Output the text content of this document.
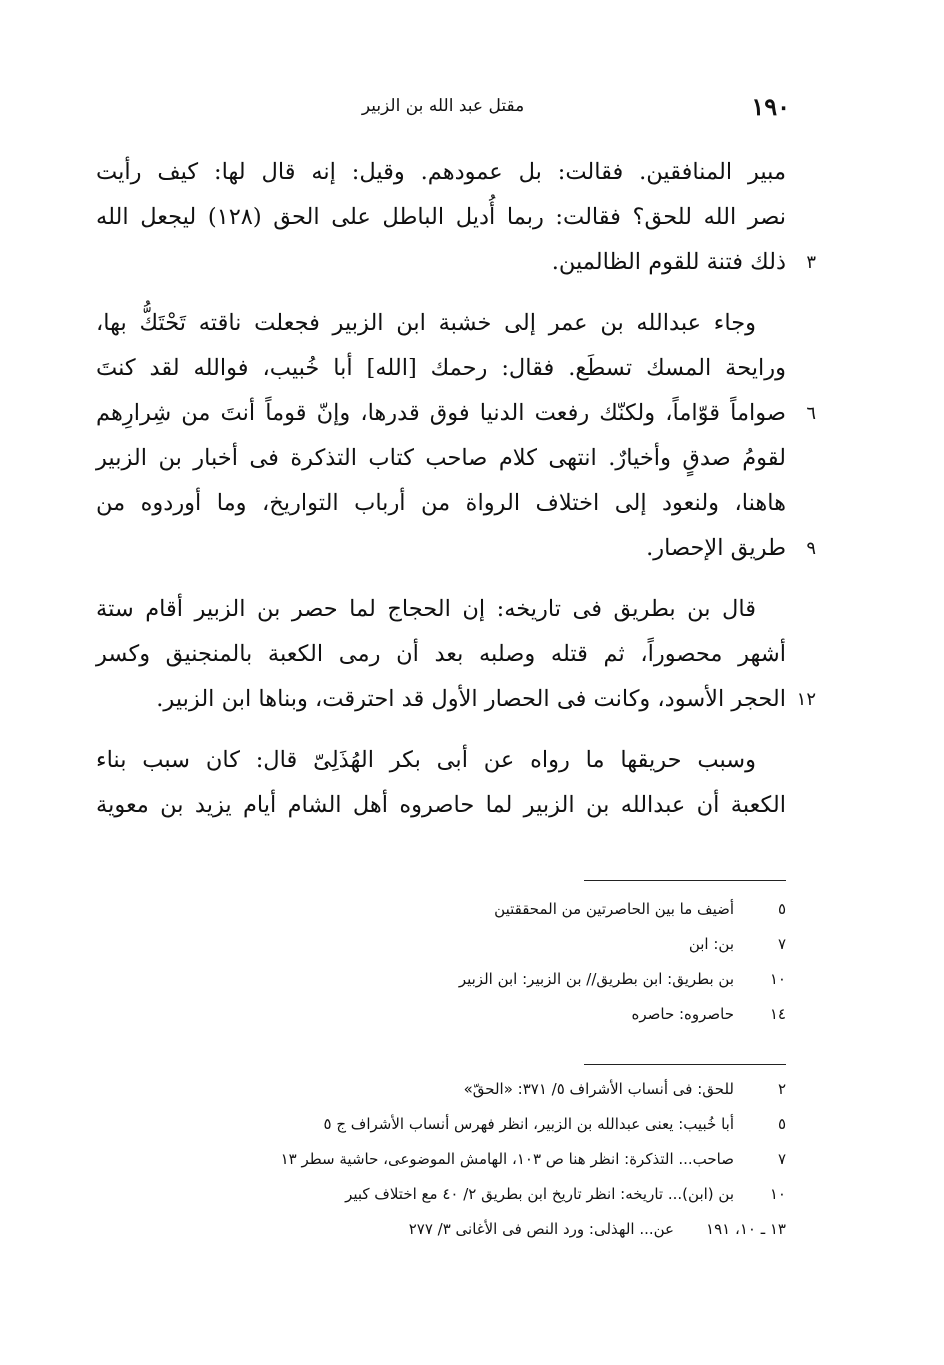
١٩٠
مقتل عبد الله بن الزبير
مبير المنافقين. فقالت: بل عمودهم. وقيل: إنه قال لها: كيف رأيت
نصر الله للحق؟ فقالت: ربما أُديل الباطل على الحق (١٢٨) ليجعل الله
ذلك فتنة للقوم الظالمين. ٣
وجاء عبدالله بن عمر إلى خشبة ابن الزبير فجعلت ناقته تَحْتَكُّ بها،
ورايحة المسك تسطَع. فقال: رحمك [الله] أبا خُبيب، فوالله لقد كنتَ
صواماً قوّاماً، ولكنّك رفعت الدنيا فوق قدرها، وإنّ قوماً أنتَ من شِرارِهم ٦
لقومُ صدقٍ وأخيارٌ. انتهى كلام صاحب كتاب التذكرة فى أخبار بن الزبير
هاهنا، ولنعود إلى اختلاف الرواة من أرباب التواريخ، وما أوردوه من
طريق الإحصار. ٩
قال بن بطريق فى تاريخه: إن الحجاج لما حصر بن الزبير أقام ستة
أشهر محصوراً، ثم قتله وصلبه بعد أن رمى الكعبة بالمنجنيق وكسر
الحجر الأسود، وكانت فى الحصار الأول قد احترقت، وبناها ابن الزبير. ١٢
وسبب حريقها ما رواه عن أبى بكر الهُذَلِىّ قال: كان سبب بناء
الكعبة أن عبدالله بن الزبير لما حاصروه أهل الشام أيام يزيد بن معوية
٥
أضيف ما بين الحاصرتين من المحققتين
٧
بن: ابن
١٠
بن بطريق: ابن بطريق// بن الزبير: ابن الزبير
١٤
حاصروه: حاصره
٢
للحق: فى أنساب الأشراف ٥/ ٣٧١: «الحقّ»
٥
أبا خُبيب: يعنى عبدالله بن الزبير، انظر فهرس أنساب الأشراف ج ٥
٧
صاحب... التذكرة: انظر هنا ص ١٠٣، الهامش الموضوعى، حاشية سطر ١٣
١٠
بن (ابن)... تاريخه: انظر تاريخ ابن بطريق ٢/ ٤٠ مع اختلاف كبير
١٣ ـ ١٠، ١٩١
عن... الهذلى: ورد النص فى الأغانى ٣/ ٢٧٧
